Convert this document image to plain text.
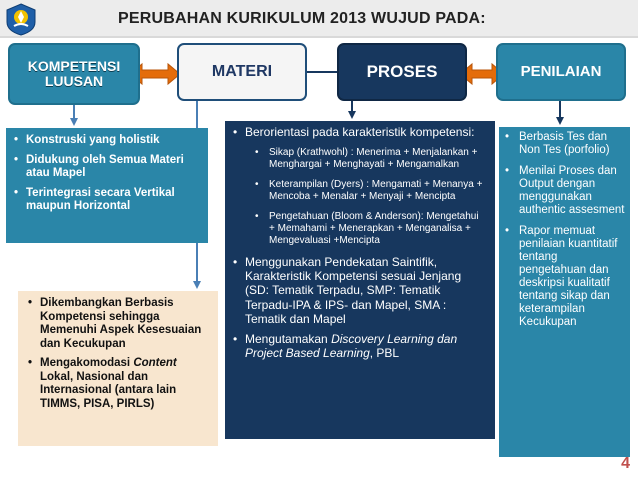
PERUBAHAN KURIKULUM 2013 WUJUD PADA:
KOMPETENSI LUUSAN
MATERI	PROSES	PENILAIAN
• Konstruski yang holistik
• Didukung oleh Semua Materi atau Mapel
• Terintegrasi secara Vertikal maupun Horizontal
• Dikembangkan Berbasis Kompetensi sehingga Memenuhi Aspek Kesesuaian dan Kecukupan
• Mengakomodasi Content Lokal, Nasional dan Internasional (antara lain TIMMS, PISA, PIRLS)
• Berorientasi pada karakteristik kompetensi:
• Sikap (Krathwohl) : Menerima + Menjalankan + Menghargai + Menghayati + Mengamalkan
• Keterampilan (Dyers) : Mengamati + Menanya + Mencoba + Menalar + Menyaji + Mencipta
• Pengetahuan (Bloom & Anderson): Mengetahui + Memahami + Menerapkan + Menganalisa + Mengevaluasi +Mencipta
• Menggunakan Pendekatan Saintifik, Karakteristik Kompetensi sesuai Jenjang (SD: Tematik Terpadu, SMP: Tematik Terpadu-IPA & IPS- dan Mapel, SMA : Tematik dan Mapel
• Mengutamakan Discovery Learning dan Project Based Learning, PBL
• Berbasis Tes dan Non Tes (porfolio)
• Menilai Proses dan Output dengan menggunakan authentic assesment
• Rapor memuat penilaian kuantitatif tentang pengetahuan dan deskripsi kualitatif tentang sikap dan keterampilan Kecukupan
4
